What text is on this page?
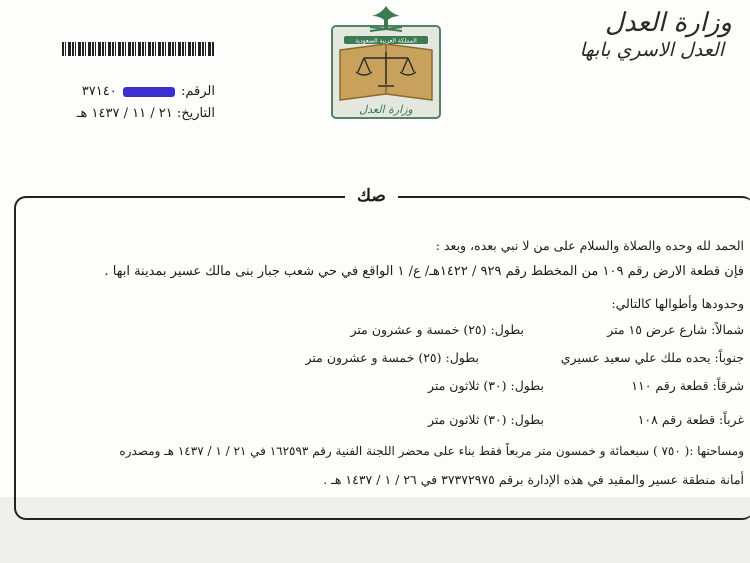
وزارة العدل
العدل الاسري بابها
المملكة العربية السعودية
وزارة العدل
الرقم:  ٣٧١٤٠
التاريخ: ٢١ / ١١ / ١٤٣٧ هـ
صك
الحمد لله وحده والصلاة والسلام على من لا نبي بعده، وبعد :
فإن قطعة الارض رقم ١٠٩ من المخطط رقم ٩٢٩ / ١٤٢٢هـ/ ع/ ١ الواقع في حي شعب جبار بنى مالك عسير بمدينة ابها .
وحدودها وأطوالها كالتالي:
شمالاً: شارع عرض ١٥ متر
بطول: (٢٥) خمسة و عشرون متر
جنوباً: يحده ملك علي سعيد عسيري
بطول: (٢٥) خمسة و عشرون متر
شرقاً: قطعة رقم ١١٠
بطول: (٣٠) ثلاثون متر
غرباً: قطعة رقم ١٠٨
بطول: (٣٠) ثلاثون متر
ومساحتها :( ٧٥٠ ) سبعمائة و خمسون متر مربعاً فقط بناء على محضر اللجنة الفنية رقم ١٦٢٥٩٣ في ٢١ / ١ / ١٤٣٧ هـ ومصدره
أمانة منطقة عسير والمقيد في هذه الإدارة برقم ٣٧٣٧٢٩٧٥ في ٢٦ / ١ / ١٤٣٧ هـ .
